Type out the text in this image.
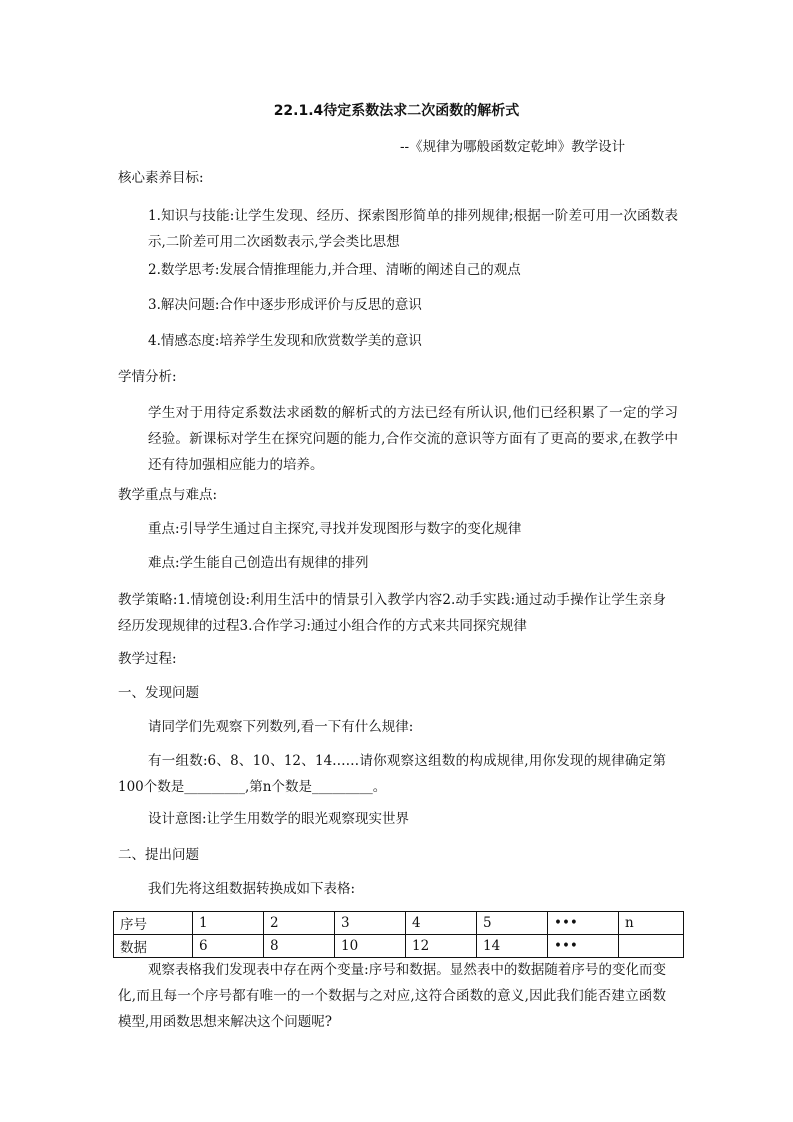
22.1.4待定系数法求二次函数的解析式
--《规律为哪般函数定乾坤》教学设计
核心素养目标:
1.知识与技能:让学生发现、经历、探索图形简单的排列规律;根据一阶差可用一次函数表示,二阶差可用二次函数表示,学会类比思想
2.数学思考:发展合情推理能力,并合理、清晰的阐述自己的观点
3.解决问题:合作中逐步形成评价与反思的意识
4.情感态度:培养学生发现和欣赏数学美的意识
学情分析:
学生对于用待定系数法求函数的解析式的方法已经有所认识,他们已经积累了一定的学习经验。新课标对学生在探究问题的能力,合作交流的意识等方面有了更高的要求,在教学中还有待加强相应能力的培养。
教学重点与难点:
重点:引导学生通过自主探究,寻找并发现图形与数字的变化规律
难点:学生能自己创造出有规律的排列
教学策略:1.情境创设:利用生活中的情景引入教学内容2.动手实践:通过动手操作让学生亲身经历发现规律的过程3.合作学习:通过小组合作的方式来共同探究规律
教学过程:
一、发现问题
请同学们先观察下列数列,看一下有什么规律:
有一组数:6、8、10、12、14……请你观察这组数的构成规律,用你发现的规律确定第100个数是_________,第n个数是_________。
设计意图:让学生用数学的眼光观察现实世界
二、提出问题
我们先将这组数据转换成如下表格:
序号	1	2	3	4	5	•••	n
数据	6	8	10	12	14	•••	
观察表格我们发现表中存在两个变量:序号和数据。显然表中的数据随着序号的变化而变化,而且每一个序号都有唯一的一个数据与之对应,这符合函数的意义,因此我们能否建立函数模型,用函数思想来解决这个问题呢?
